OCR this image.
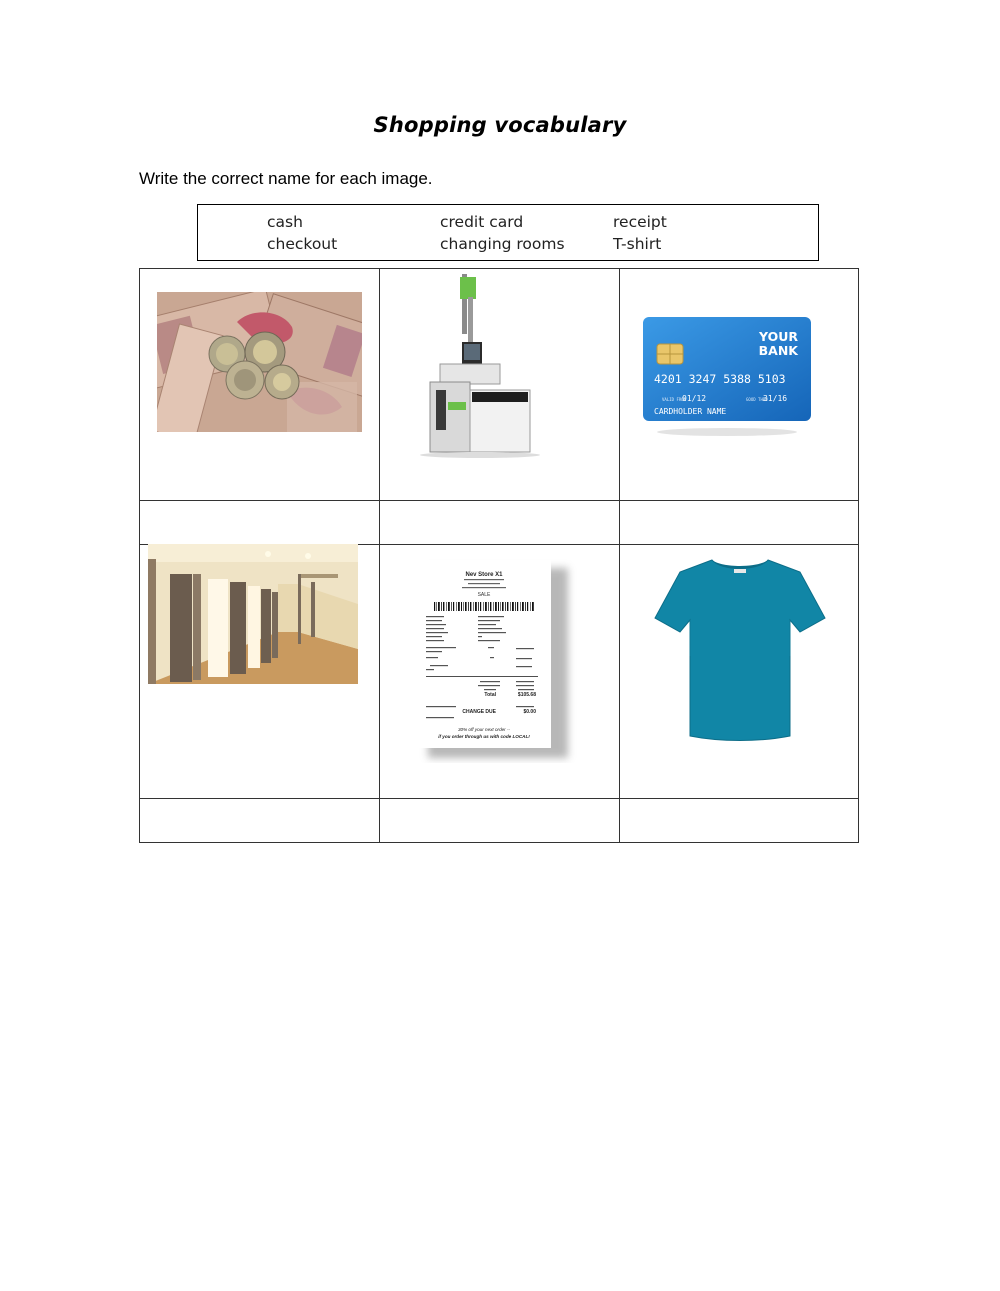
Shopping vocabulary
Write the correct name for each image.
cash	credit card	receipt
checkout	changing rooms	T-shirt
YOUR
BANK
4201 3247 5388 5103
VALID FROM
01/12	GOOD THRU
31/16
CARDHOLDER NAME
Nev Store X1
SALE
Total	$105.68
CHANGE DUE	$0.00
30% off your next order --
if you order through us with code LOCAL!
